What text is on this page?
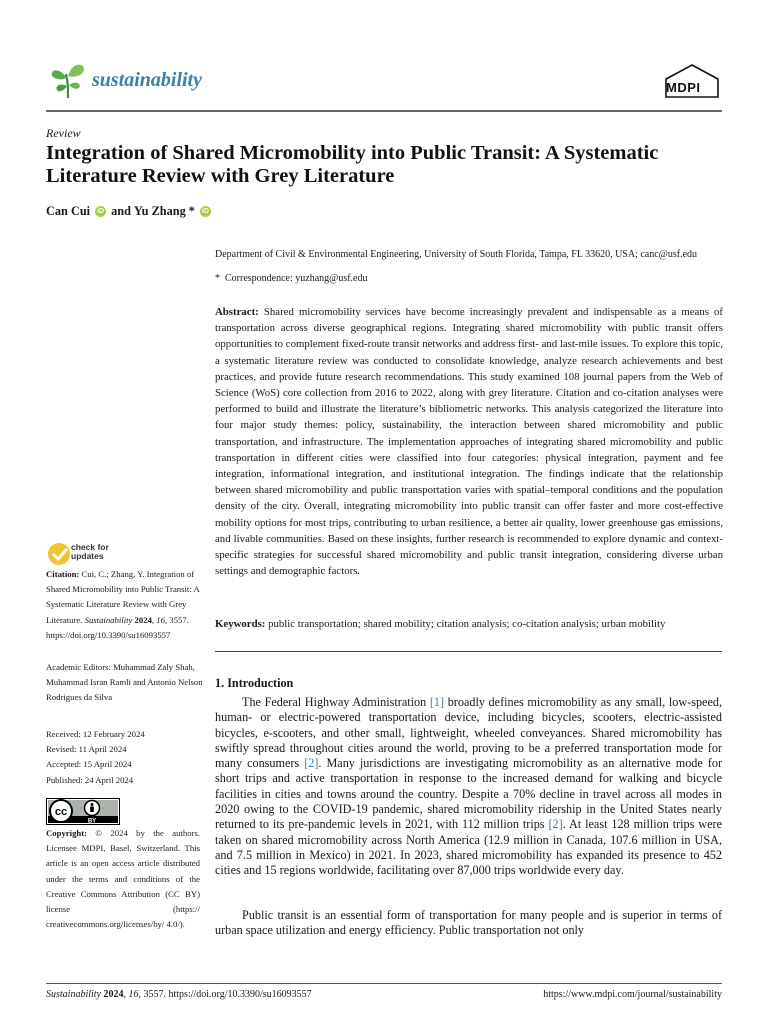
sustainability	MDPI
Review
Integration of Shared Micromobility into Public Transit: A Systematic Literature Review with Grey Literature
Can Cui iD and Yu Zhang * iD
Department of Civil & Environmental Engineering, University of South Florida, Tampa, FL 33620, USA; canc@usf.edu
* Correspondence: yuzhang@usf.edu

Abstract: Shared micromobility services have become increasingly prevalent and indispensable as a means of transportation across diverse geographical regions. Integrating shared micromobility with public transit offers opportunities to complement fixed-route transit networks and address first- and last-mile issues. To explore this topic, a systematic literature review was conducted to consolidate knowledge, analyze research achievements and best practices, and provide future research recommendations. This study examined 108 journal papers from the Web of Science (WoS) core collection from 2016 to 2022, along with grey literature. Citation and co-citation analyses were performed to build and illustrate the literature’s bibliometric networks. This analysis categorized the literature into four major study themes: policy, sustainability, the interaction between shared micromobility and public transportation, and infrastructure. The implementation approaches of integrating shared micromobility and public transportation in different cities were classified into four categories: physical integration, payment and fee integration, informational integration, and institutional integration. The findings indicate that the relationship between shared micromobility and public transportation varies with spatial–temporal conditions and the population density of the city. Overall, integrating micromobility into public transit can offer faster and more cost-effective mobility options for most trips, contributing to urban resilience, a better air quality, lower greenhouse gas emissions, and livable communities. Based on these insights, further research is recommended to explore dynamic and context-specific strategies for successful shared micromobility and public transit integration, considering diverse urban settings and demographic factors.

Keywords: public transportation; shared mobility; citation analysis; co-citation analysis; urban mobility
check for
updates
Citation: Cui, C.; Zhang, Y. Integration of Shared Micromobility into Public Transit: A Systematic Literature Review with Grey Literature. Sustainability 2024, 16, 3557. https://doi.org/10.3390/su16093557
Academic Editors: Muhammad Zaly Shah, Muhammad Isran Ramli and Antonio Nelson Rodrigues da Silva
Received: 12 February 2024
Revised: 11 April 2024
Accepted: 15 April 2024
Published: 24 April 2024
cc
BY
Copyright: © 2024 by the authors. Licensee MDPI, Basel, Switzerland. This article is an open access article distributed under the terms and conditions of the Creative Commons Attribution (CC BY) license (https:// creativecommons.org/licenses/by/ 4.0/).
1. Introduction

The Federal Highway Administration [1] broadly defines micromobility as any small, low-speed, human- or electric-powered transportation device, including bicycles, scooters, electric-assisted bicycles, e-scooters, and other small, lightweight, wheeled conveyances. Shared micromobility has swiftly spread throughout cities around the world, proving to be a preferred transportation mode for many consumers [2]. Many jurisdictions are investigating micromobility as an alternative mode for short trips and active transportation in response to the increased demand for walking and bicycle facilities in cities and towns around the country. Despite a 70% decline in travel across all modes in 2020 owing to the COVID-19 pandemic, shared micromobility ridership in the United States nearly returned to its pre-pandemic levels in 2021, with 112 million trips [2]. At least 128 million trips were taken on shared micromobility across North America (12.9 million in Canada, 107.6 million in USA, and 7.5 million in Mexico) in 2021. In 2023, shared micromobility has expanded its presence to 452 cities and 15 regions worldwide, facilitating over 87,000 trips worldwide every day.

Public transit is an essential form of transportation for many people and is superior in terms of urban space utilization and energy efficiency. Public transportation not only

Sustainability 2024, 16, 3557. https://doi.org/10.3390/su16093557	https://www.mdpi.com/journal/sustainability
